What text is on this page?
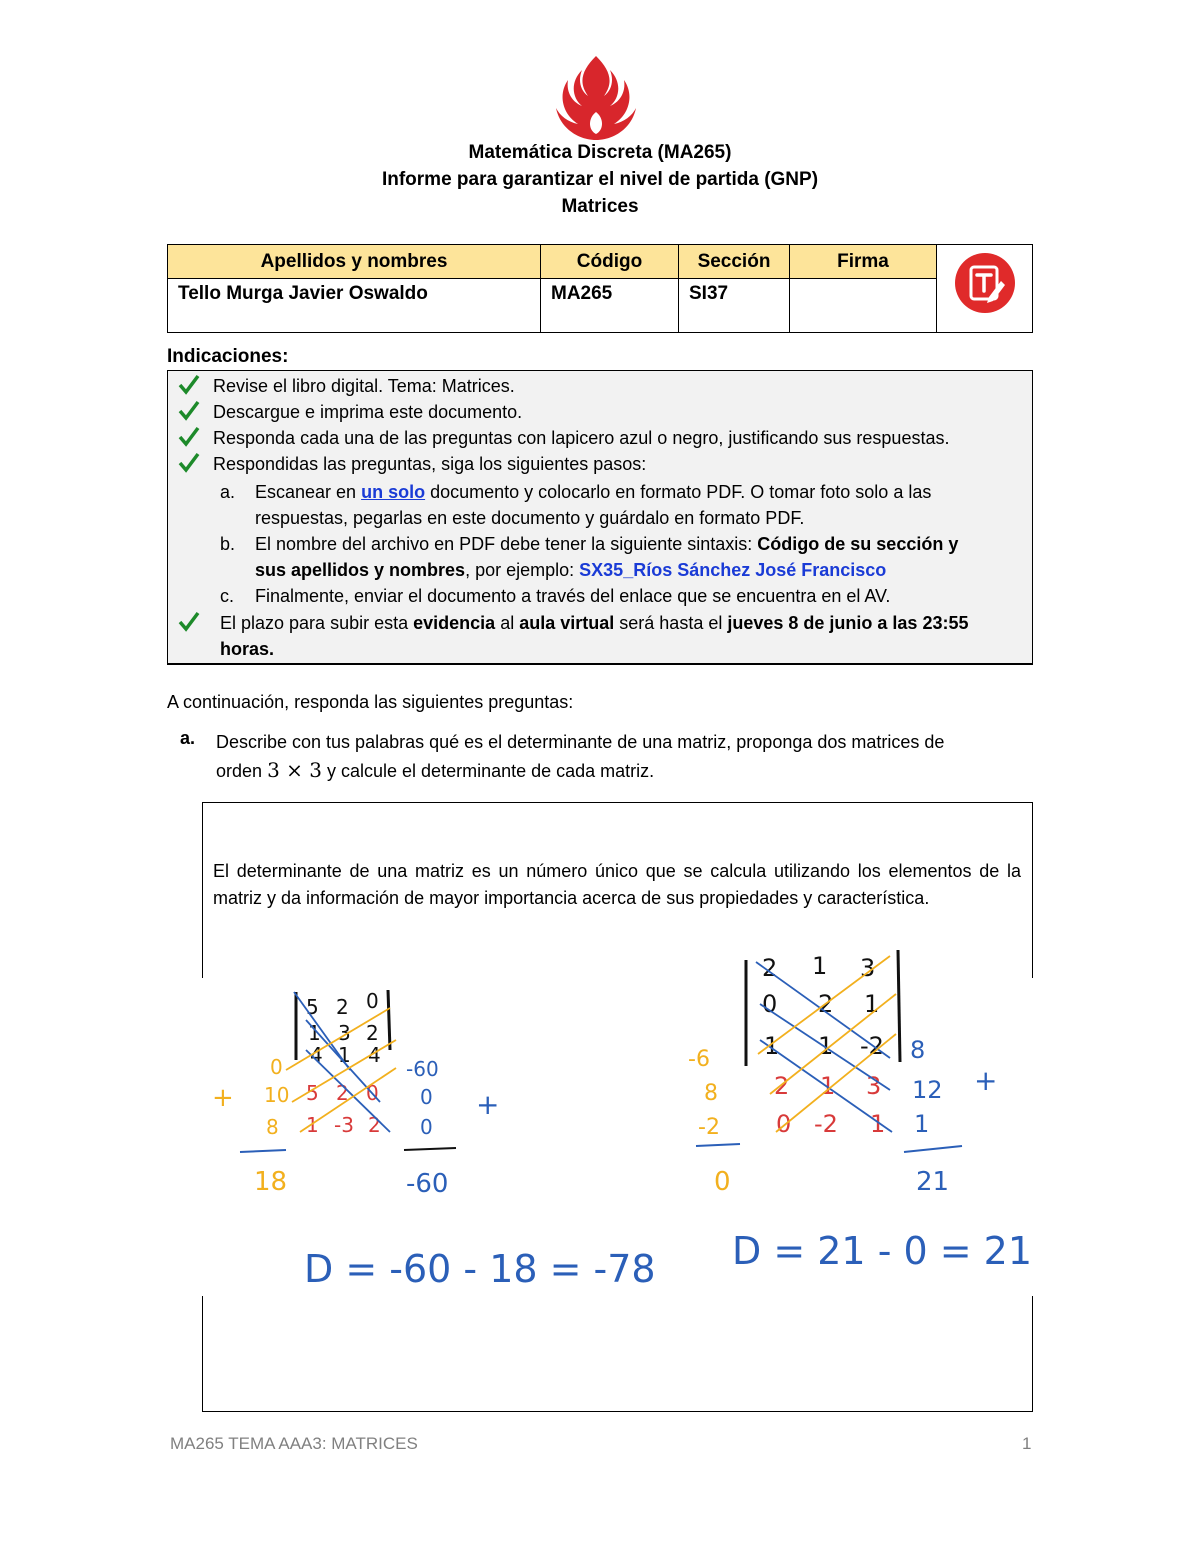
Matemática Discreta (MA265)
Informe para garantizar el nivel de partida (GNP)
Matrices
Apellidos y nombres	Código	Sección	Firma	
Tello Murga Javier Oswaldo	MA265	SI37		
Indicaciones:
Revise el libro digital. Tema: Matrices.
Descargue e imprima este documento.
Responda cada una de las preguntas con lapicero azul o negro, justificando sus respuestas.
Respondidas las preguntas, siga los siguientes pasos:
a. Escanear en un solo documento y colocarlo en formato PDF. O tomar foto solo a las
respuestas, pegarlas en este documento y guárdalo en formato PDF.
b. El nombre del archivo en PDF debe tener la siguiente sintaxis: Código de su sección y
sus apellidos y nombres, por ejemplo: SX35_Ríos Sánchez José Francisco
c. Finalmente, enviar el documento a través del enlace que se encuentra en el AV.
El plazo para subir esta evidencia al aula virtual será hasta el jueves 8 de junio a las 23:55
horas.
A continuación, responda las siguientes preguntas:
a. Describe con tus palabras qué es el determinante de una matriz, proponga dos matrices de
orden 3 × 3 y calcule el determinante de cada matriz.
El determinante de una matriz es un número único que se calcula utilizando los elementos de la matriz y da información de mayor importancia acerca de sus propiedades y característica.
5 2 0
1 3 2
4 1 4
5 2 0
1 -3 2
0
10
8
18
+
-60
0
0
-60
+
D = -60 - 18 = -78
2 1 3
0 2 1
1 1 -2
2 1 3
0 -2 1
-6
8
-2
0
8
12
1
21
+
D = 21 - 0 = 21
MA265 TEMA AAA3: MATRICES	1
